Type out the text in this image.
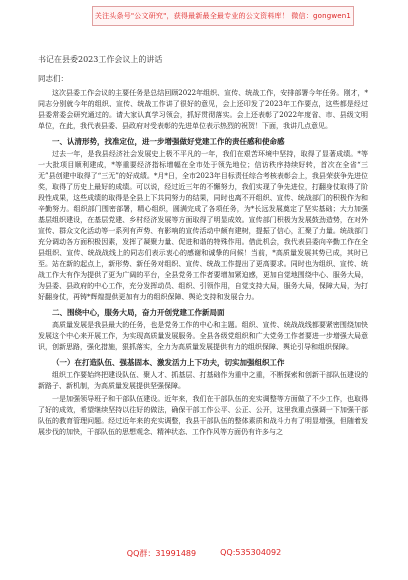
关注头条号"公文研究"，获得最新最全最专业的公文资料库！ 微信：gongwen1
书记在县委2023工作会议上的讲话
同志们：

这次县委工作会议的主要任务是总结回顾2022年组织、宣传、统战工作，安排部署今年任务。刚才，*同志分别就今年的组织、宣传、统战工作讲了很好的意见，会上还印发了2023年工作要点，这些都是经过县委常委会研究通过的。请大家认真学习领会，抓好贯彻落实。会上还表彰了2022年度省、市、县级文明单位，在此，我代表县委、县政府对受表彰的先进单位表示热烈的祝贺！下面，我讲几点意见。

一、认清形势，找准定位，进一步增强做好党建工作的责任感和使命感

过去一年，是我县经济社会发展史上极不平凡的一年，我们在艰苦环境中坚持，取得了显著成绩。*等一大批项目顺利建成，*等重要经济指标增幅在全市处于领先地位；信访秩序持续好转，首次在全省“三无”县创建中取得了“三无”的好成绩。*月*日，全市2023年目标责任综合考核表彰会上，我县荣获争先进位奖，取得了历史上最好的成绩。可以说，经过近三年的不懈努力，我们实现了争先进位，打翻身仗取得了阶段性成果，这些成绩的取得是全县上下共同努力的结果，同时也离不开组织、宣传、统战部门的积极作为和辛勤努力。组织部门围密部署，精心组织，圆满完成了各项任务，为*长远发展奠定了坚实基础；大力加强基层组织建设，在基层党建、乡村经济发展等方面取得了明显成效。宣传部门积极为发展鼓劲造势，在对外宣传、群众文化活动等一系列有声势、有影响的宣传活动中颇有建树，提振了信心，汇聚了力量。统战部门充分调动各方面积极因素，发挥了凝聚力量、促进和谐的特殊作用。借此机会，我代表县委向辛勤工作在全县组织、宣传、统战战线上的同志们表示衷心的感谢和诚挚的问候！当前，*高质量发展其势已成，其时已至。站在新的起点上，新形势、新任务对组织、宣传、统战工作提出了更高要求。同时也为组织、宣传、统战工作大有作为提供了更为广阔的平台，全县党务工作者要增加紧迫感，更加自觉地围绕中心、服务大局，为县委、县政府的中心工作，充分发挥动员、组织、引领作用，自觉支持大局，服务大局，保障大局，为打好翻身仗，再铸*辉煌提供更加有力的组织保障、舆论支持和发展合力。

二、围绕中心，服务大局，奋力开创党建工作新局面

高质量发展是我县最大的任务，也是党务工作的中心和主题。组织、宣传、统战战线都要紧密围绕加快发展这个中心来开展工作，为实现高质量发展服务。全县各级党组织和广大党务工作者要进一步增强大局意识，创新思路，强化措施，狠抓落实，全力为高质量发展提供有力的组织保障、舆论引导和组织保障。

（一）在打造队伍、强基固本、激发活力上下功夫，切实加强组织工作

组织工作要始终把建设队伍、聚人才、抓基层、打基础作为重中之重，不断探索和创新干部队伍建设的新路子、新机制，为高质量发展提供坚强保障。

一是加强领导班子和干部队伍建设。近年来，我们在干部队伍的充实调整等方面做了不少工作，也取得了好的成效，希望继续坚持以往好的做法，确保干部工作公平、公正、公开，这里我重点强调一下加强干部队伍的教育管理问题。经过近年来的充实调整，我县干部队伍的整体素质和战斗力有了明显增强，但随着发展步伐的加快，干部队伍的思想观念、精神状态、工作作风等方面仍有许多与之

QQ群：31991489	QQ:535304092
